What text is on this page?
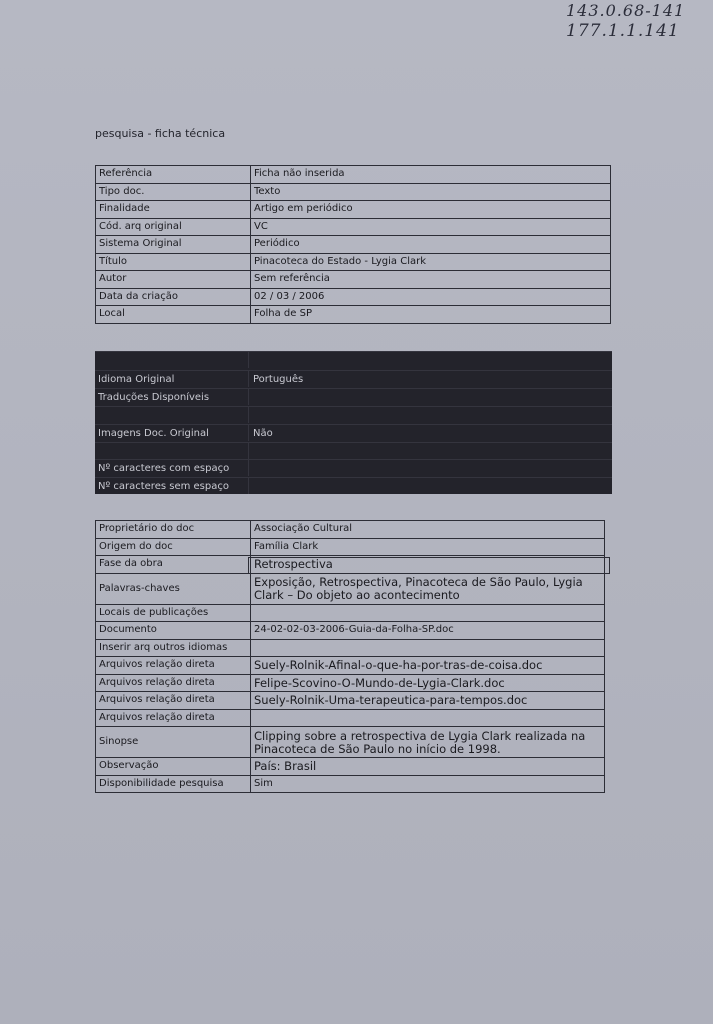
143.0.68-141
177.1.1.141
pesquisa - ficha técnica
Referência	Ficha não inserida
Tipo doc.	Texto
Finalidade	Artigo em periódico
Cód. arq original	VC
Sistema Original	Periódico
Título	Pinacoteca do Estado - Lygia Clark
Autor	Sem referência
Data da criação	02 / 03 / 2006
Local	Folha de SP
Idioma Original	Português
Traduções Disponíveis
Imagens Doc. Original	Não
Nº caracteres com espaço
Nº caracteres sem espaço
Proprietário do doc	Associação Cultural
Origem do doc	Família Clark
Fase da obra	Retrospectiva
Palavras-chaves	Exposição, Retrospectiva, Pinacoteca de São Paulo, Lygia Clark – Do objeto ao acontecimento
Locais de publicações	
Documento	24-02-02-03-2006-Guia-da-Folha-SP.doc
Inserir arq outros idiomas	
Arquivos relação direta	Suely-Rolnik-Afinal-o-que-ha-por-tras-de-coisa.doc
Arquivos relação direta	Felipe-Scovino-O-Mundo-de-Lygia-Clark.doc
Arquivos relação direta	Suely-Rolnik-Uma-terapeutica-para-tempos.doc
Arquivos relação direta	
Sinopse	Clipping sobre a retrospectiva de Lygia Clark realizada na Pinacoteca de São Paulo no início de 1998.
Observação	País: Brasil
Disponibilidade pesquisa	Sim
